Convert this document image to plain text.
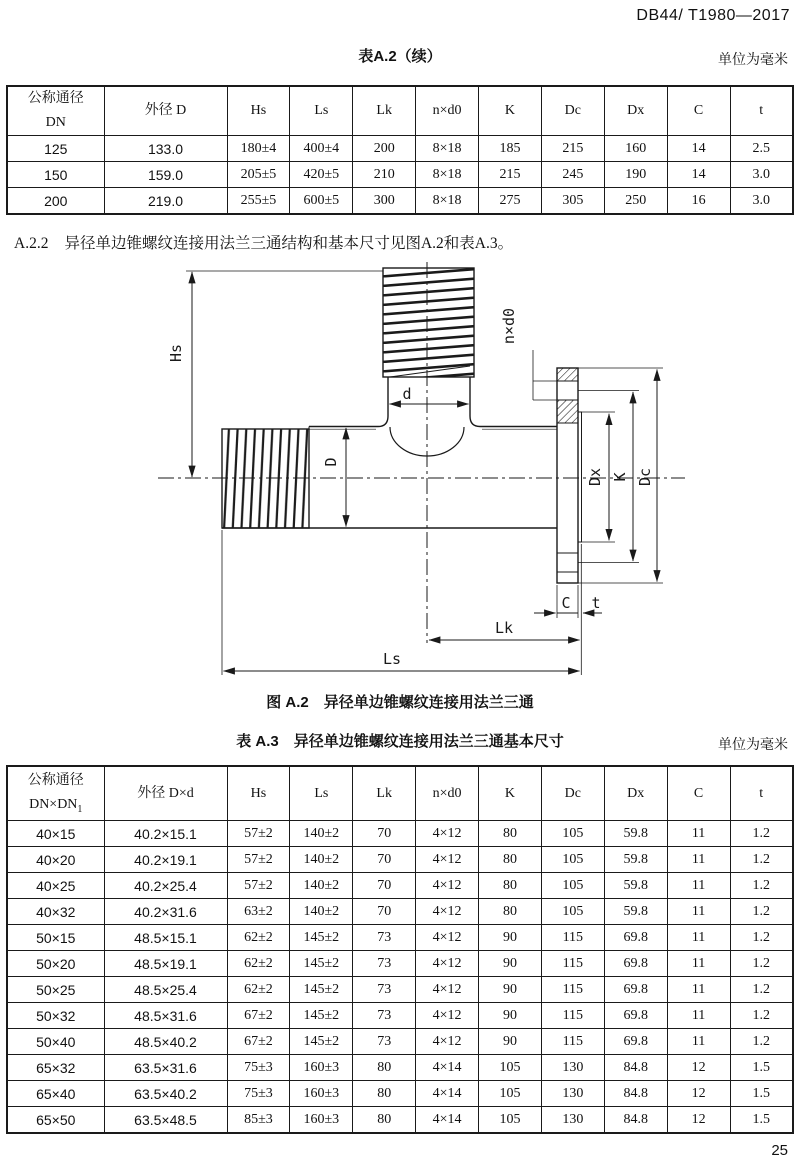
DB44/ T1980—2017
表A.2（续）	单位为毫米
公称通径
DN	外径 D	Hs	Ls	Lk	n×d0	K	Dc	Dx	C	t
125	133.0	180±4	400±4	200	8×18	185	215	160	14	2.5
150	159.0	205±5	420±5	210	8×18	215	245	190	14	3.0
200	219.0	255±5	600±5	300	8×18	275	305	250	16	3.0
A.2.2 异径单边锥螺纹连接用法兰三通结构和基本尺寸见图A.2和表A.3。
Hs
d
D
n×d0
Dx K Dc
C t
Lk
Ls
图 A.2　异径单边锥螺纹连接用法兰三通
表 A.3　异径单边锥螺纹连接用法兰三通基本尺寸	单位为毫米
公称通径
$DN\times DN_1$	外径 D×d	Hs	Ls	Lk	n×d0	K	Dc	Dx	C	t
40×15	40.2×15.1	57±2	140±2	70	4×12	80	105	59.8	11	1.2
40×20	40.2×19.1	57±2	140±2	70	4×12	80	105	59.8	11	1.2
40×25	40.2×25.4	57±2	140±2	70	4×12	80	105	59.8	11	1.2
40×32	40.2×31.6	63±2	140±2	70	4×12	80	105	59.8	11	1.2
50×15	48.5×15.1	62±2	145±2	73	4×12	90	115	69.8	11	1.2
50×20	48.5×19.1	62±2	145±2	73	4×12	90	115	69.8	11	1.2
50×25	48.5×25.4	62±2	145±2	73	4×12	90	115	69.8	11	1.2
50×32	48.5×31.6	67±2	145±2	73	4×12	90	115	69.8	11	1.2
50×40	48.5×40.2	67±2	145±2	73	4×12	90	115	69.8	11	1.2
65×32	63.5×31.6	75±3	160±3	80	4×14	105	130	84.8	12	1.5
65×40	63.5×40.2	75±3	160±3	80	4×14	105	130	84.8	12	1.5
65×50	63.5×48.5	85±3	160±3	80	4×14	105	130	84.8	12	1.5
25
